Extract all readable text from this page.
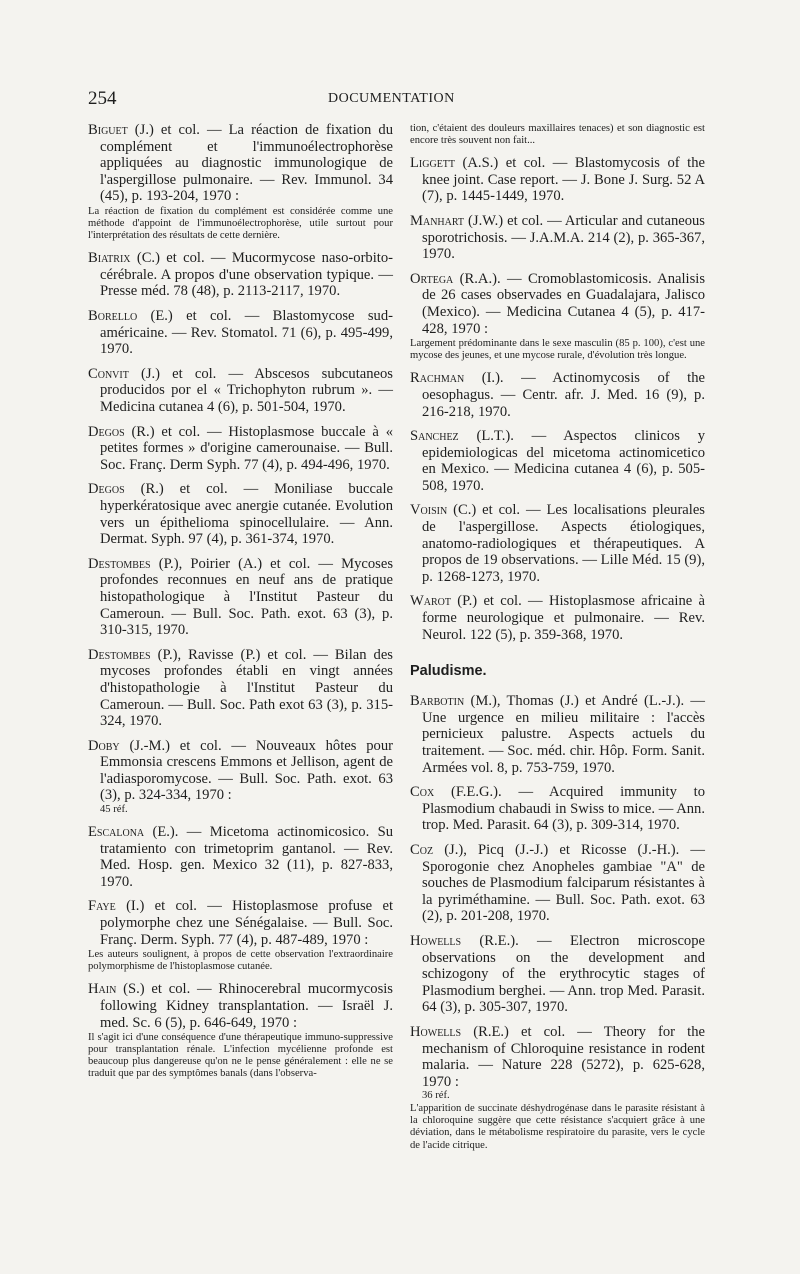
254	DOCUMENTATION

Biguet (J.) et col. — La réaction de fixation du complément et l'immunoélectrophorèse appliquées au diagnostic immunologique de l'aspergillose pulmonaire. — Rev. Immunol. 34 (45), p. 193-204, 1970 :

La réaction de fixation du complément est considérée comme une méthode d'appoint de l'immunoélectrophorèse, utile surtout pour l'interprétation des résultats de cette dernière.

Biatrix (C.) et col. — Mucormycose naso-orbito-cérébrale. A propos d'une observation typique. — Presse méd. 78 (48), p. 2113-2117, 1970.

Borello (E.) et col. — Blastomycose sud-américaine. — Rev. Stomatol. 71 (6), p. 495-499, 1970.

Convit (J.) et col. — Abscesos subcutaneos producidos por el « Trichophyton rubrum ». — Medicina cutanea 4 (6), p. 501-504, 1970.

Degos (R.) et col. — Histoplasmose buccale à « petites formes » d'origine camerounaise. — Bull. Soc. Franç. Derm Syph. 77 (4), p. 494-496, 1970.

Degos (R.) et col. — Moniliase buccale hyperkératosique avec anergie cutanée. Evolution vers un épithelioma spinocellulaire. — Ann. Dermat. Syph. 97 (4), p. 361-374, 1970.

Destombes (P.), Poirier (A.) et col. — Mycoses profondes reconnues en neuf ans de pratique histopathologique à l'Institut Pasteur du Cameroun. — Bull. Soc. Path. exot. 63 (3), p. 310-315, 1970.

Destombes (P.), Ravisse (P.) et col. — Bilan des mycoses profondes établi en vingt années d'histopathologie à l'Institut Pasteur du Cameroun. — Bull. Soc. Path exot 63 (3), p. 315-324, 1970.

Doby (J.-M.) et col. — Nouveaux hôtes pour Emmonsia crescens Emmons et Jellison, agent de l'adiasporomycose. — Bull. Soc. Path. exot. 63 (3), p. 324-334, 1970 :

45 réf.

Escalona (E.). — Micetoma actinomicosico. Su tratamiento con trimetoprim gantanol. — Rev. Med. Hosp. gen. Mexico 32 (11), p. 827-833, 1970.

Faye (I.) et col. — Histoplasmose profuse et polymorphe chez une Sénégalaise. — Bull. Soc. Franç. Derm. Syph. 77 (4), p. 487-489, 1970 :

Les auteurs soulignent, à propos de cette observation l'extraordinaire polymorphisme de l'histoplasmose cutanée.

Hain (S.) et col. — Rhinocerebral mucormycosis following Kidney transplantation. — Israël J. med. Sc. 6 (5), p. 646-649, 1970 :

Il s'agit ici d'une conséquence d'une thérapeutique immuno-suppressive pour transplantation rénale. L'infection mycélienne profonde est beaucoup plus dangereuse qu'on ne le pense généralement : elle ne se traduit que par des symptômes banals (dans l'observa-

tion, c'étaient des douleurs maxillaires tenaces) et son diagnostic est encore très souvent non fait...

Liggett (A.S.) et col. — Blastomycosis of the knee joint. Case report. — J. Bone J. Surg. 52 A (7), p. 1445-1449, 1970.

Manhart (J.W.) et col. — Articular and cutaneous sporotrichosis. — J.A.M.A. 214 (2), p. 365-367, 1970.

Ortega (R.A.). — Cromoblastomicosis. Analisis de 26 cases observades en Guadalajara, Jalisco (Mexico). — Medicina Cutanea 4 (5), p. 417-428, 1970 :

Largement prédominante dans le sexe masculin (85 p. 100), c'est une mycose des jeunes, et une mycose rurale, d'évolution très longue.

Rachman (I.). — Actinomycosis of the oesophagus. — Centr. afr. J. Med. 16 (9), p. 216-218, 1970.

Sanchez (L.T.). — Aspectos clinicos y epidemiologicas del micetoma actinomicetico en Mexico. — Medicina cutanea 4 (6), p. 505-508, 1970.

Voisin (C.) et col. — Les localisations pleurales de l'aspergillose. Aspects étiologiques, anatomo-radiologiques et thérapeutiques. A propos de 19 observations. — Lille Méd. 15 (9), p. 1268-1273, 1970.

Warot (P.) et col. — Histoplasmose africaine à forme neurologique et pulmonaire. — Rev. Neurol. 122 (5), p. 359-368, 1970.

Paludisme.

Barbotin (M.), Thomas (J.) et André (L.-J.). — Une urgence en milieu militaire : l'accès pernicieux palustre. Aspects actuels du traitement. — Soc. méd. chir. Hôp. Form. Sanit. Armées vol. 8, p. 753-759, 1970.

Cox (F.E.G.). — Acquired immunity to Plasmodium chabaudi in Swiss to mice. — Ann. trop. Med. Parasit. 64 (3), p. 309-314, 1970.

Coz (J.), Picq (J.-J.) et Ricosse (J.-H.). — Sporogonie chez Anopheles gambiae "A" de souches de Plasmodium falciparum résistantes à la pyriméthamine. — Bull. Soc. Path. exot. 63 (2), p. 201-208, 1970.

Howells (R.E.). — Electron microscope observations on the development and schizogony of the erythrocytic stages of Plasmodium berghei. — Ann. trop Med. Parasit. 64 (3), p. 305-307, 1970.

Howells (R.E.) et col. — Theory for the mechanism of Chloroquine resistance in rodent malaria. — Nature 228 (5272), p. 625-628, 1970 :

36 réf.

L'apparition de succinate déshydrogénase dans le parasite résistant à la chloroquine suggère que cette résistance s'acquiert grâce à une déviation, dans le métabolisme respiratoire du parasite, vers le cycle de l'acide citrique.
